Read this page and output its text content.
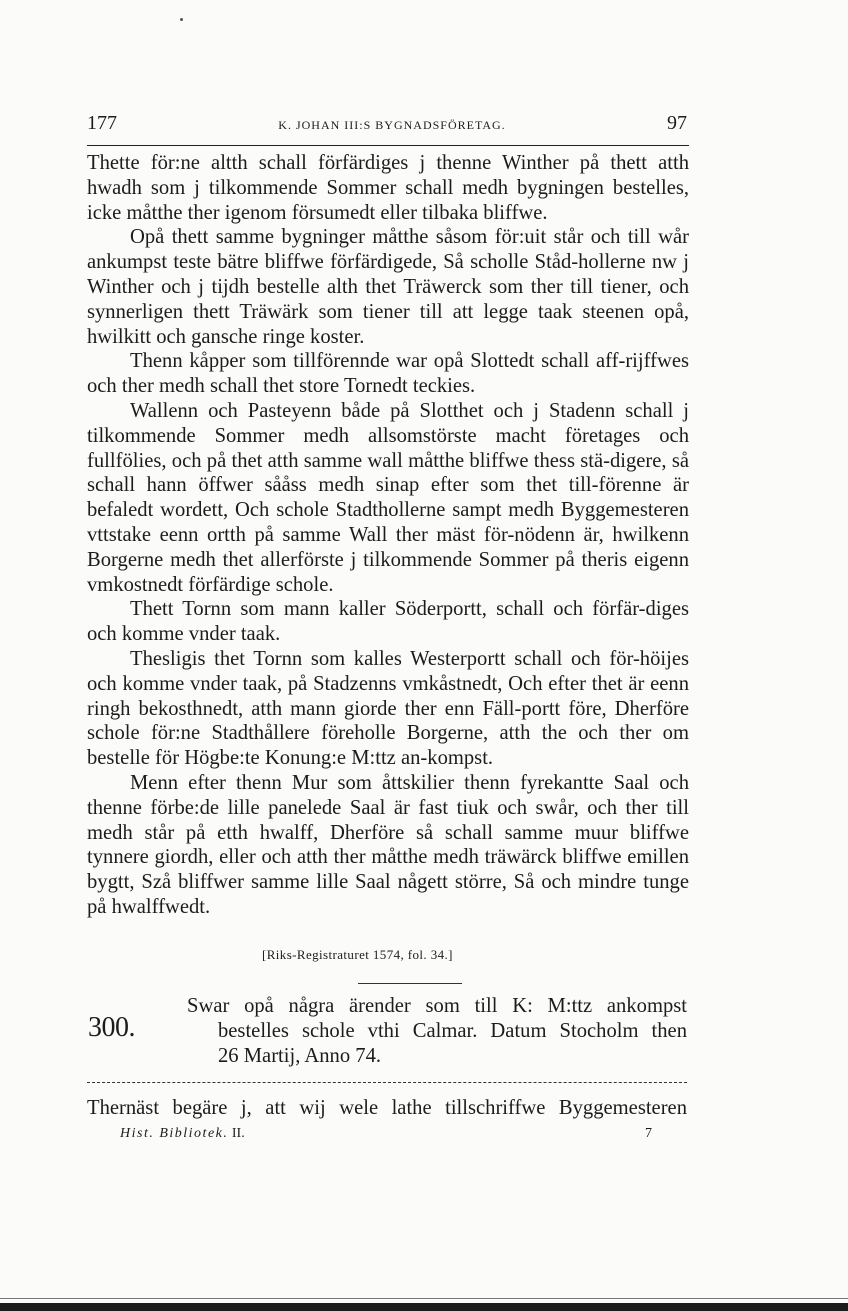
177	K. JOHAN III:S BYGNADSFÖRETAG.	97

Thette för:ne altth schall förfärdiges j thenne Winther på thett atth hwadh som j tilkommende Sommer schall medh bygningen bestelles, icke måtthe ther igenom försumedt eller tilbaka bliffwe.

Opå thett samme bygninger måtthe såsom för:uit står och till wår ankumpst teste bätre bliffwe förfärdigede, Så scholle Ståd-hollerne nw j Winther och j tijdh bestelle alth thet Träwerck som ther till tiener, och synnerligen thett Träwärk som tiener till att legge taak steenen opå, hwilkitt och gansche ringe koster.

Thenn kåpper som tillförennde war opå Slottedt schall aff-rijffwes och ther medh schall thet store Tornedt teckies.

Wallenn och Pasteyenn både på Slotthet och j Stadenn schall j tilkommende Sommer medh allsomstörste macht företages och fullfölies, och på thet atth samme wall måtthe bliffwe thess stä-digere, så schall hann öffwer sååss medh sinap efter som thet till-förenne är befaledt wordett, Och schole Stadthollerne sampt medh Byggemesteren vttstake eenn ortth på samme Wall ther mäst för-nödenn är, hwilkenn Borgerne medh thet allerförste j tilkommende Sommer på theris eigenn vmkostnedt förfärdige schole.

Thett Tornn som mann kaller Söderportt, schall och förfär-diges och komme vnder taak.

Thesligis thet Tornn som kalles Westerportt schall och för-höijes och komme vnder taak, på Stadzenns vmkåstnedt, Och efter thet är eenn ringh bekosthnedt, atth mann giorde ther enn Fäll-portt före, Dherföre schole för:ne Stadthållere föreholle Borgerne, atth the och ther om bestelle för Högbe:te Konung:e M:ttz an-kompst.

Menn efter thenn Mur som åttskilier thenn fyrekantte Saal och thenne förbe:de lille panelede Saal är fast tiuk och swår, och ther till medh står på etth hwalff, Dherföre så schall samme muur bliffwe tynnere giordh, eller och atth ther måtthe medh träwärck bliffwe emillen bygtt, Szå bliffwer samme lille Saal någett större, Så och mindre tunge på hwalffwedt.

[Riks-Registraturet 1574, fol. 34.]
300.
Swar opå några ärender som till K: M:ttz ankompst
bestelles schole vthi Calmar. Datum Stocholm then
26 Martij, Anno 74.
Thernäst begäre j, att wij wele lathe tillschriffwe Byggemesteren
Hist. Bibliotek. II.	7
